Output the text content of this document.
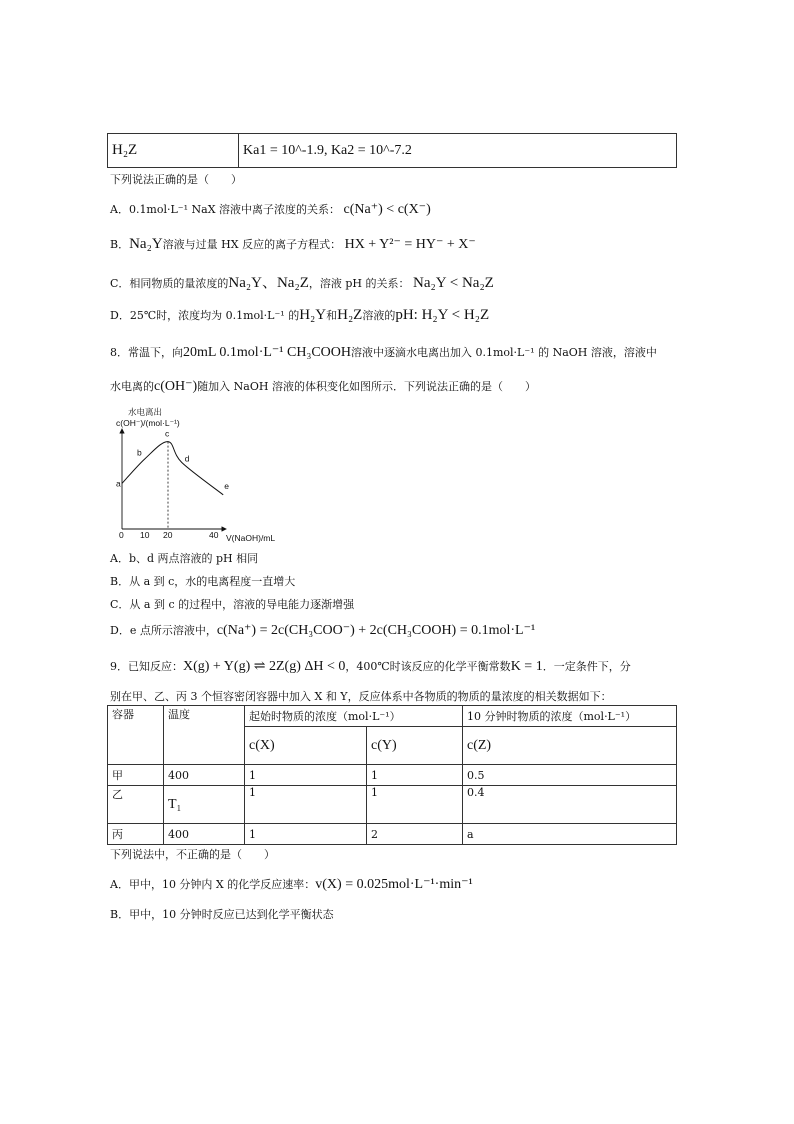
H₂Z	Ka1 = 10^-1.9, Ka2 = 10^-7.2
下列说法正确的是（　　）
A．0.1mol·L⁻¹ NaX 溶液中离子浓度的关系： c(Na⁺) < c(X⁻)
B．Na₂Y溶液与过量 HX 反应的离子方程式： HX + Y²⁻ = HY⁻ + X⁻
C．相同物质的量浓度的Na₂Y、Na₂Z，溶液 pH 的关系： Na₂Y < Na₂Z
D．25℃时，浓度均为 0.1mol·L⁻¹ 的H₂Y和H₂Z溶液的pH: H₂Y < H₂Z
8．常温下，向20mL 0.1mol·L⁻¹ CH₃COOH溶液中逐滴水电离出加入 0.1mol·L⁻¹ 的 NaOH 溶液，溶液中
水电离的c(OH⁻)随加入 NaOH 溶液的体积变化如图所示．下列说法正确的是（　　）
水电离出
c(OH⁻)/(mol·L⁻¹)
a
b
c
d
e
0 10 20	40 V(NaOH)/mL
A．b、d 两点溶液的 pH 相同
B．从 a 到 c，水的电离程度一直增大
C．从 a 到 c 的过程中，溶液的导电能力逐渐增强
D．e 点所示溶液中，c(Na⁺) = 2c(CH₃COO⁻) + 2c(CH₃COOH) = 0.1mol·L⁻¹
9．已知反应：X(g) + Y(g) ⇌ 2Z(g) ΔH < 0，400℃时该反应的化学平衡常数K = 1．一定条件下，分
别在甲、乙、丙 3 个恒容密闭容器中加入 X 和 Y，反应体系中各物质的物质的量浓度的相关数据如下：
容器	温度	起始时物质的浓度（mol·L⁻¹）		10 分钟时物质的浓度（mol·L⁻¹）
		c(X)	c(Y)	c(Z)
甲	400	1	1	0.5
乙	T₁	1	1	0.4
丙	400	1	2	a
下列说法中，不正确的是（　　）
A．甲中，10 分钟内 X 的化学反应速率：v(X) = 0.025mol·L⁻¹·min⁻¹
B．甲中，10 分钟时反应已达到化学平衡状态
